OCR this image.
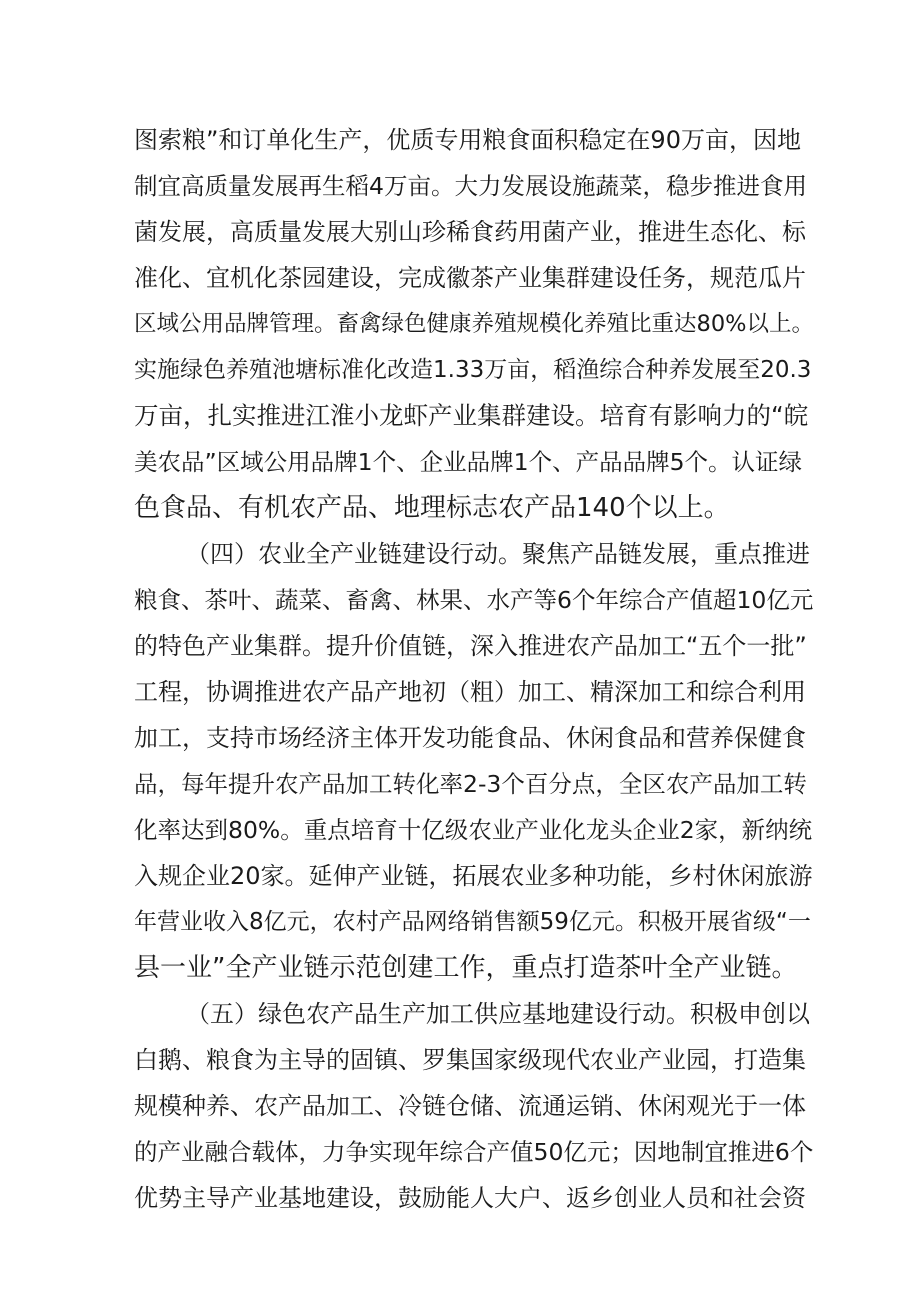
图索粮”和订单化生产，优质专用粮食面积稳定在90万亩，因地
制宜高质量发展再生稻4万亩。大力发展设施蔬菜，稳步推进食用
菌发展，高质量发展大别山珍稀食药用菌产业，推进生态化、标
准化、宜机化茶园建设，完成徽茶产业集群建设任务，规范瓜片
区域公用品牌管理。畜禽绿色健康养殖规模化养殖比重达80%以上。
实施绿色养殖池塘标准化改造1.33万亩，稻渔综合种养发展至20.3
万亩，扎实推进江淮小龙虾产业集群建设。培育有影响力的“皖
美农品”区域公用品牌1个、企业品牌1个、产品品牌5个。认证绿
色食品、有机农产品、地理标志农产品140个以上。
（四）农业全产业链建设行动。聚焦产品链发展，重点推进
粮食、茶叶、蔬菜、畜禽、林果、水产等6个年综合产值超10亿元
的特色产业集群。提升价值链，深入推进农产品加工“五个一批”
工程，协调推进农产品产地初（粗）加工、精深加工和综合利用
加工，支持市场经济主体开发功能食品、休闲食品和营养保健食
品，每年提升农产品加工转化率2-3个百分点，全区农产品加工转
化率达到80%。重点培育十亿级农业产业化龙头企业2家，新纳统
入规企业20家。延伸产业链，拓展农业多种功能，乡村休闲旅游
年营业收入8亿元，农村产品网络销售额59亿元。积极开展省级“一
县一业”全产业链示范创建工作，重点打造茶叶全产业链。
（五）绿色农产品生产加工供应基地建设行动。积极申创以
白鹅、粮食为主导的固镇、罗集国家级现代农业产业园，打造集
规模种养、农产品加工、冷链仓储、流通运销、休闲观光于一体
的产业融合载体，力争实现年综合产值50亿元；因地制宜推进6个
优势主导产业基地建设，鼓励能人大户、返乡创业人员和社会资
